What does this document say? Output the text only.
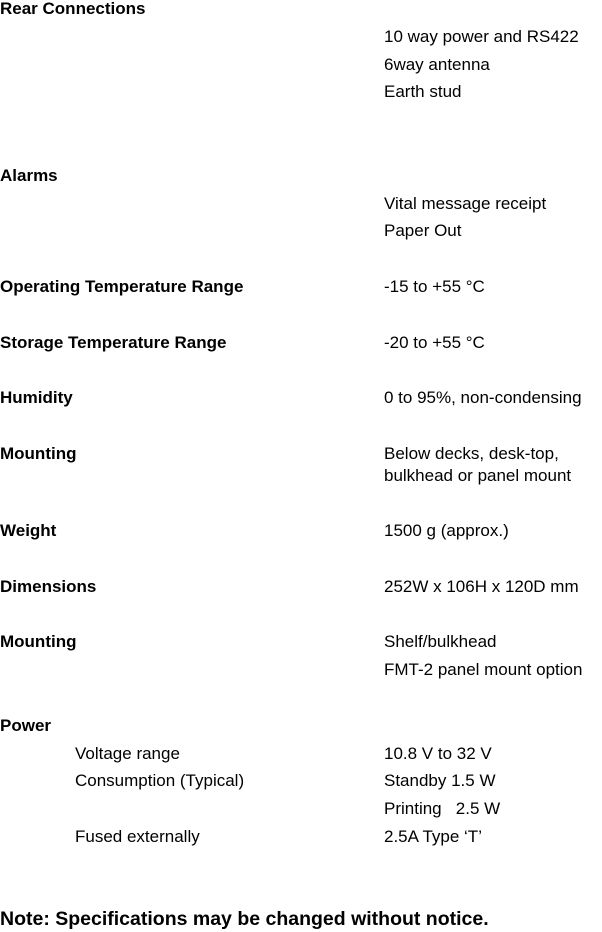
Rear Connections
10 way power and RS422
6way antenna
Earth stud
Alarms
Vital message receipt
Paper Out
Operating Temperature Range	-15 to +55 °C
Storage Temperature Range	-20 to +55 °C
Humidity	0 to 95%, non-condensing
Mounting	Below decks, desk-top,
bulkhead or panel mount
Weight	1500 g (approx.)
Dimensions	252W x 106H x 120D mm
Mounting	Shelf/bulkhead
FMT-2 panel mount option
Power
Voltage range	10.8 V to 32 V
Consumption (Typical)	Standby 1.5 W
Printing   2.5 W
Fused externally	2.5A Type ‘T’
Note: Specifications may be changed without notice.
